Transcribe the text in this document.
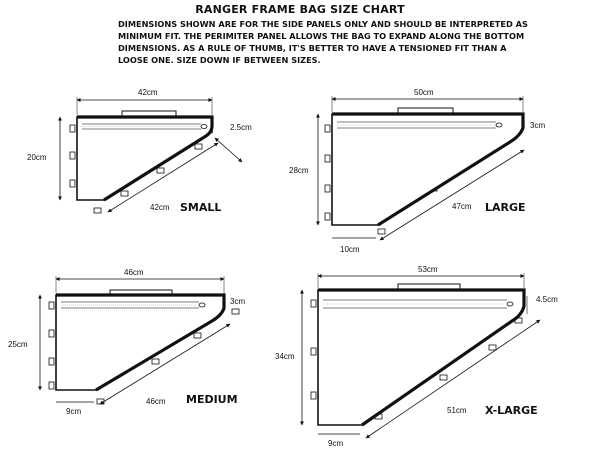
RANGER FRAME BAG SIZE CHART
DIMENSIONS SHOWN ARE FOR THE SIDE PANELS ONLY AND SHOULD BE INTERPRETED AS
MINIMUM FIT. THE PERIMITER PANEL ALLOWS THE BAG TO EXPAND ALONG THE BOTTOM
DIMENSIONS. AS A RULE OF THUMB, IT'S BETTER TO HAVE A TENSIONED FIT THAN A
LOOSE ONE. SIZE DOWN IF BETWEEN SIZES.
42cm
20cm
2.5cm
42cm SMALL
50cm
28cm
3cm
47cm
10cm
LARGE
46cm
25cm
3cm
46cm
9cm
MEDIUM
53cm
34cm
4.5cm
51cm
9cm
X-LARGE
